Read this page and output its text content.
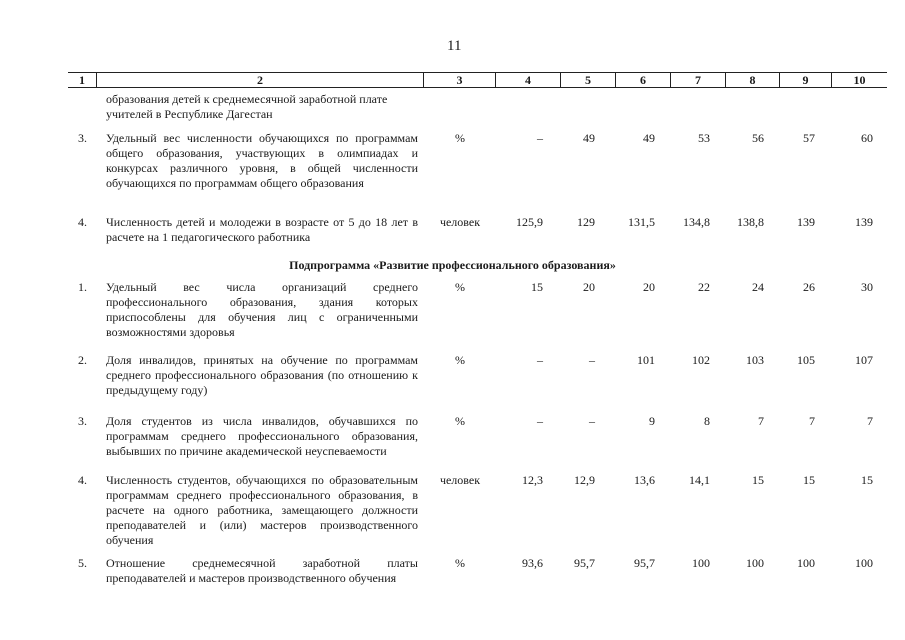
11
1	2	3	4	5	6	7	8	9	10
образования детей к среднемесячной заработной плате учителей в Республике Дагестан
3. Удельный вес численности обучающихся по программам общего образования, участвующих в олимпиадах и конкурсах различного уровня, в общей численности обучающихся по программам общего образования
%	–	49	49	53	56	57	60
4. Численность детей и молодежи в возрасте от 5 до 18 лет в расчете на 1 педагогического работника
человек	125,9	129	131,5 134,8 138,8	139	139
Подпрограмма «Развитие профессионального образования»
1. Удельный вес числа организаций среднего профессионального образования, здания которых приспособлены для обучения лиц с ограниченными возможностями здоровья
%	15	20	20	22	24	26	30
2. Доля инвалидов, принятых на обучение по программам среднего профессионального образования (по отношению к предыдущему году)
%	–	–	101	102	103	105	107
3. Доля студентов из числа инвалидов, обучавшихся по программам среднего профессионального образования, выбывших по причине академической неуспеваемости
%	–	–	9	8	7	7	7
4. Численность студентов, обучающихся по образовательным программам среднего профессионального образования, в расчете на одного работника, замещающего должности преподавателей и (или) мастеров производственного обучения
человек	12,3	12,9	13,6	14,1	15	15	15
5. Отношение среднемесячной заработной платы преподавателей и мастеров производственного обучения
%	93,6	95,7	95,7	100	100	100	100
